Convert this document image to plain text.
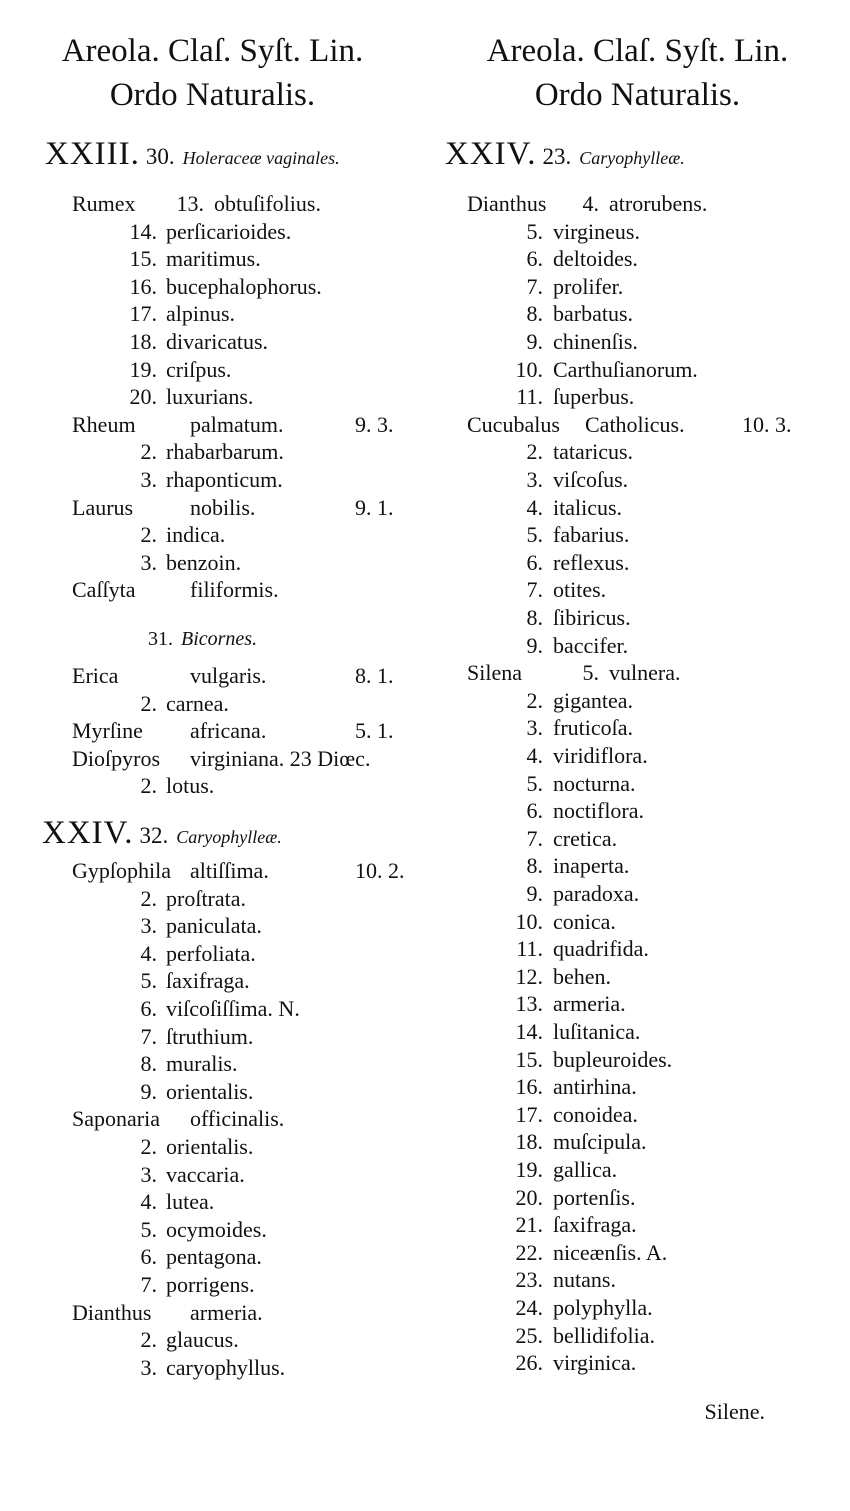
Areola. Claſ. Syſt. Lin.
Ordo Naturalis.
XXIII. 30. Holeraceæ vaginales.
31. Bicornes.
XXIV. 32. Caryophylleæ.
Rumex	13. obtuſifolius.
14. perſicarioides.
15. maritimus.
16. bucephalophorus.
17. alpinus.
18. divaricatus.
19. criſpus.
20. luxurians.
Rheum palmatum.	9. 3.
2. rhabarbarum.
3. rhaponticum.
Laurus	nobilis.	9. 1.
2. indica.
3. benzoin.
Caſſyta filiformis.
Erica	vulgaris.	8. 1.
2. carnea.
Myrſine africana.	5. 1.
Dioſpyros virginiana. 23 Diœc.
2. lotus.
Gypſophila altiſſima.	10. 2.
2. proſtrata.
3. paniculata.
4. perfoliata.
5. ſaxifraga.
6. viſcoſiſſima. N.
7. ſtruthium.
8. muralis.
9. orientalis.
Saponaria officinalis.
2. orientalis.
3. vaccaria.
4. lutea.
5. ocymoides.
6. pentagona.
7. porrigens.
Dianthus armeria.
2. glaucus.
3. caryophyllus.
Areola. Claſ. Syſt. Lin.
Ordo Naturalis.
XXIV. 23. Caryophylleæ.
Dianthus	4. atrorubens.
5. virgineus.
6. deltoides.
7. prolifer.
8. barbatus.
9. chinenſis.
10. Carthuſianorum.
11. ſuperbus.
Cucubalus Catholicus.	10. 3.
2. tataricus.
3. viſcoſus.
4. italicus.
5. fabarius.
6. reflexus.
7. otites.
8. ſibiricus.
9. baccifer.
Silena	5. vulnera.
2. gigantea.
3. fruticoſa.
4. viridiflora.
5. nocturna.
6. noctiflora.
7. cretica.
8. inaperta.
9. paradoxa.
10. conica.
11. quadrifida.
12. behen.
13. armeria.
14. luſitanica.
15. bupleuroides.
16. antirhina.
17. conoidea.
18. muſcipula.
19. gallica.
20. portenſis.
21. ſaxifraga.
22. niceænſis. A.
23. nutans.
24. polyphylla.
25. bellidifolia.
26. virginica.
Silene.
